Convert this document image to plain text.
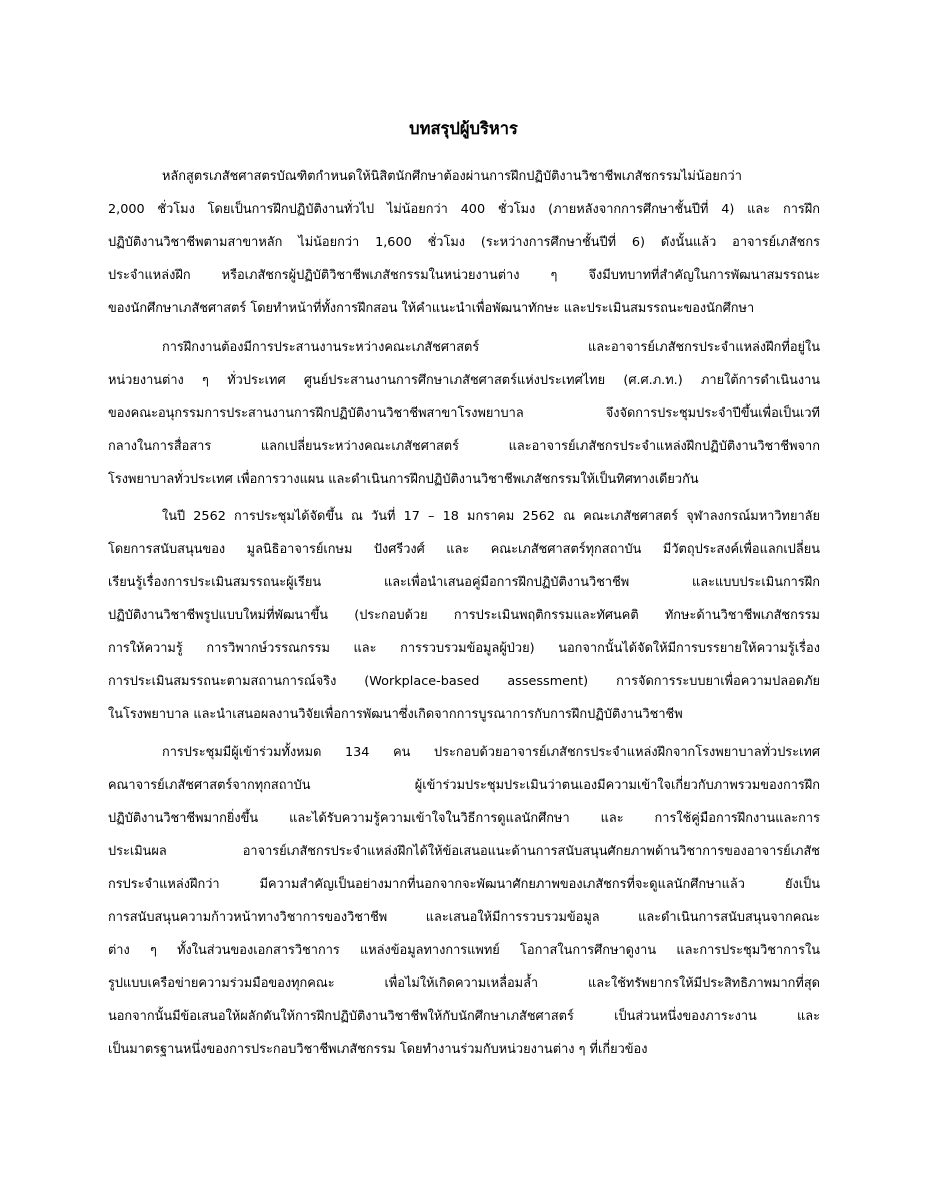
บทสรุปผู้บริหาร
หลักสูตรเภสัชศาสตรบัณฑิตกำหนดให้นิสิตนักศึกษาต้องผ่านการฝึกปฏิบัติงานวิชาชีพเภสัชกรรมไม่น้อยกว่า
2,000 ชั่วโมง โดยเป็นการฝึกปฏิบัติงานทั่วไป ไม่น้อยกว่า 400 ชั่วโมง (ภายหลังจากการศึกษาชั้นปีที่ 4) และ การฝึก
ปฏิบัติงานวิชาชีพตามสาขาหลัก ไม่น้อยกว่า 1,600 ชั่วโมง (ระหว่างการศึกษาชั้นปีที่ 6) ดังนั้นแล้ว อาจารย์เภสัชกร
ประจำแหล่งฝึก หรือเภสัชกรผู้ปฏิบัติวิชาชีพเภสัชกรรมในหน่วยงานต่าง ๆ จึงมีบทบาทที่สำคัญในการพัฒนาสมรรถนะ
ของนักศึกษาเภสัชศาสตร์ โดยทำหน้าที่ทั้งการฝึกสอน ให้คำแนะนำเพื่อพัฒนาทักษะ และประเมินสมรรถนะของนักศึกษา
การฝึกงานต้องมีการประสานงานระหว่างคณะเภสัชศาสตร์ และอาจารย์เภสัชกรประจำแหล่งฝึกที่อยู่ใน
หน่วยงานต่าง ๆ ทั่วประเทศ ศูนย์ประสานงานการศึกษาเภสัชศาสตร์แห่งประเทศไทย (ศ.ศ.ภ.ท.) ภายใต้การดำเนินงาน
ของคณะอนุกรรมการประสานงานการฝึกปฏิบัติงานวิชาชีพสาขาโรงพยาบาล จึงจัดการประชุมประจำปีขึ้นเพื่อเป็นเวที
กลางในการสื่อสาร แลกเปลี่ยนระหว่างคณะเภสัชศาสตร์ และอาจารย์เภสัชกรประจำแหล่งฝึกปฏิบัติงานวิชาชีพจาก
โรงพยาบาลทั่วประเทศ เพื่อการวางแผน และดำเนินการฝึกปฏิบัติงานวิชาชีพเภสัชกรรมให้เป็นทิศทางเดียวกัน
ในปี 2562 การประชุมได้จัดขึ้น ณ วันที่ 17 – 18 มกราคม 2562 ณ คณะเภสัชศาสตร์ จุฬาลงกรณ์มหาวิทยาลัย
โดยการสนับสนุนของ มูลนิธิอาจารย์เกษม ปังศรีวงศ์ และ คณะเภสัชศาสตร์ทุกสถาบัน มีวัตถุประสงค์เพื่อแลกเปลี่ยน
เรียนรู้เรื่องการประเมินสมรรถนะผู้เรียน และเพื่อนำเสนอคู่มือการฝึกปฏิบัติงานวิชาชีพ และแบบประเมินการฝึก
ปฏิบัติงานวิชาชีพรูปแบบใหม่ที่พัฒนาขึ้น (ประกอบด้วย การประเมินพฤติกรรมและทัศนคติ ทักษะด้านวิชาชีพเภสัชกรรม
การให้ความรู้ การวิพากษ์วรรณกรรม และ การรวบรวมข้อมูลผู้ป่วย) นอกจากนั้นได้จัดให้มีการบรรยายให้ความรู้เรื่อง
การประเมินสมรรถนะตามสถานการณ์จริง (Workplace-based assessment) การจัดการระบบยาเพื่อความปลอดภัย
ในโรงพยาบาล และนำเสนอผลงานวิจัยเพื่อการพัฒนาซึ่งเกิดจากการบูรณาการกับการฝึกปฏิบัติงานวิชาชีพ
การประชุมมีผู้เข้าร่วมทั้งหมด 134 คน ประกอบด้วยอาจารย์เภสัชกรประจำแหล่งฝึกจากโรงพยาบาลทั่วประเทศ
คณาจารย์เภสัชศาสตร์จากทุกสถาบัน ผู้เข้าร่วมประชุมประเมินว่าตนเองมีความเข้าใจเกี่ยวกับภาพรวมของการฝึก
ปฏิบัติงานวิชาชีพมากยิ่งขึ้น และได้รับความรู้ความเข้าใจในวิธีการดูแลนักศึกษา และ การใช้คู่มือการฝึกงานและการ
ประเมินผล อาจารย์เภสัชกรประจำแหล่งฝึกได้ให้ข้อเสนอแนะด้านการสนับสนุนศักยภาพด้านวิชาการของอาจารย์เภสัช
กรประจำแหล่งฝึกว่า มีความสำคัญเป็นอย่างมากที่นอกจากจะพัฒนาศักยภาพของเภสัชกรที่จะดูแลนักศึกษาแล้ว ยังเป็น
การสนับสนุนความก้าวหน้าทางวิชาการของวิชาชีพ และเสนอให้มีการรวบรวมข้อมูล และดำเนินการสนับสนุนจากคณะ
ต่าง ๆ ทั้งในส่วนของเอกสารวิชาการ แหล่งข้อมูลทางการแพทย์ โอกาสในการศึกษาดูงาน และการประชุมวิชาการใน
รูปแบบเครือข่ายความร่วมมือของทุกคณะ เพื่อไม่ให้เกิดความเหลื่อมล้ำ และใช้ทรัพยากรให้มีประสิทธิภาพมากที่สุด
นอกจากนั้นมีข้อเสนอให้ผลักดันให้การฝึกปฏิบัติงานวิชาชีพให้กับนักศึกษาเภสัชศาสตร์ เป็นส่วนหนึ่งของภาระงาน และ
เป็นมาตรฐานหนึ่งของการประกอบวิชาชีพเภสัชกรรม โดยทำงานร่วมกับหน่วยงานต่าง ๆ ที่เกี่ยวข้อง
